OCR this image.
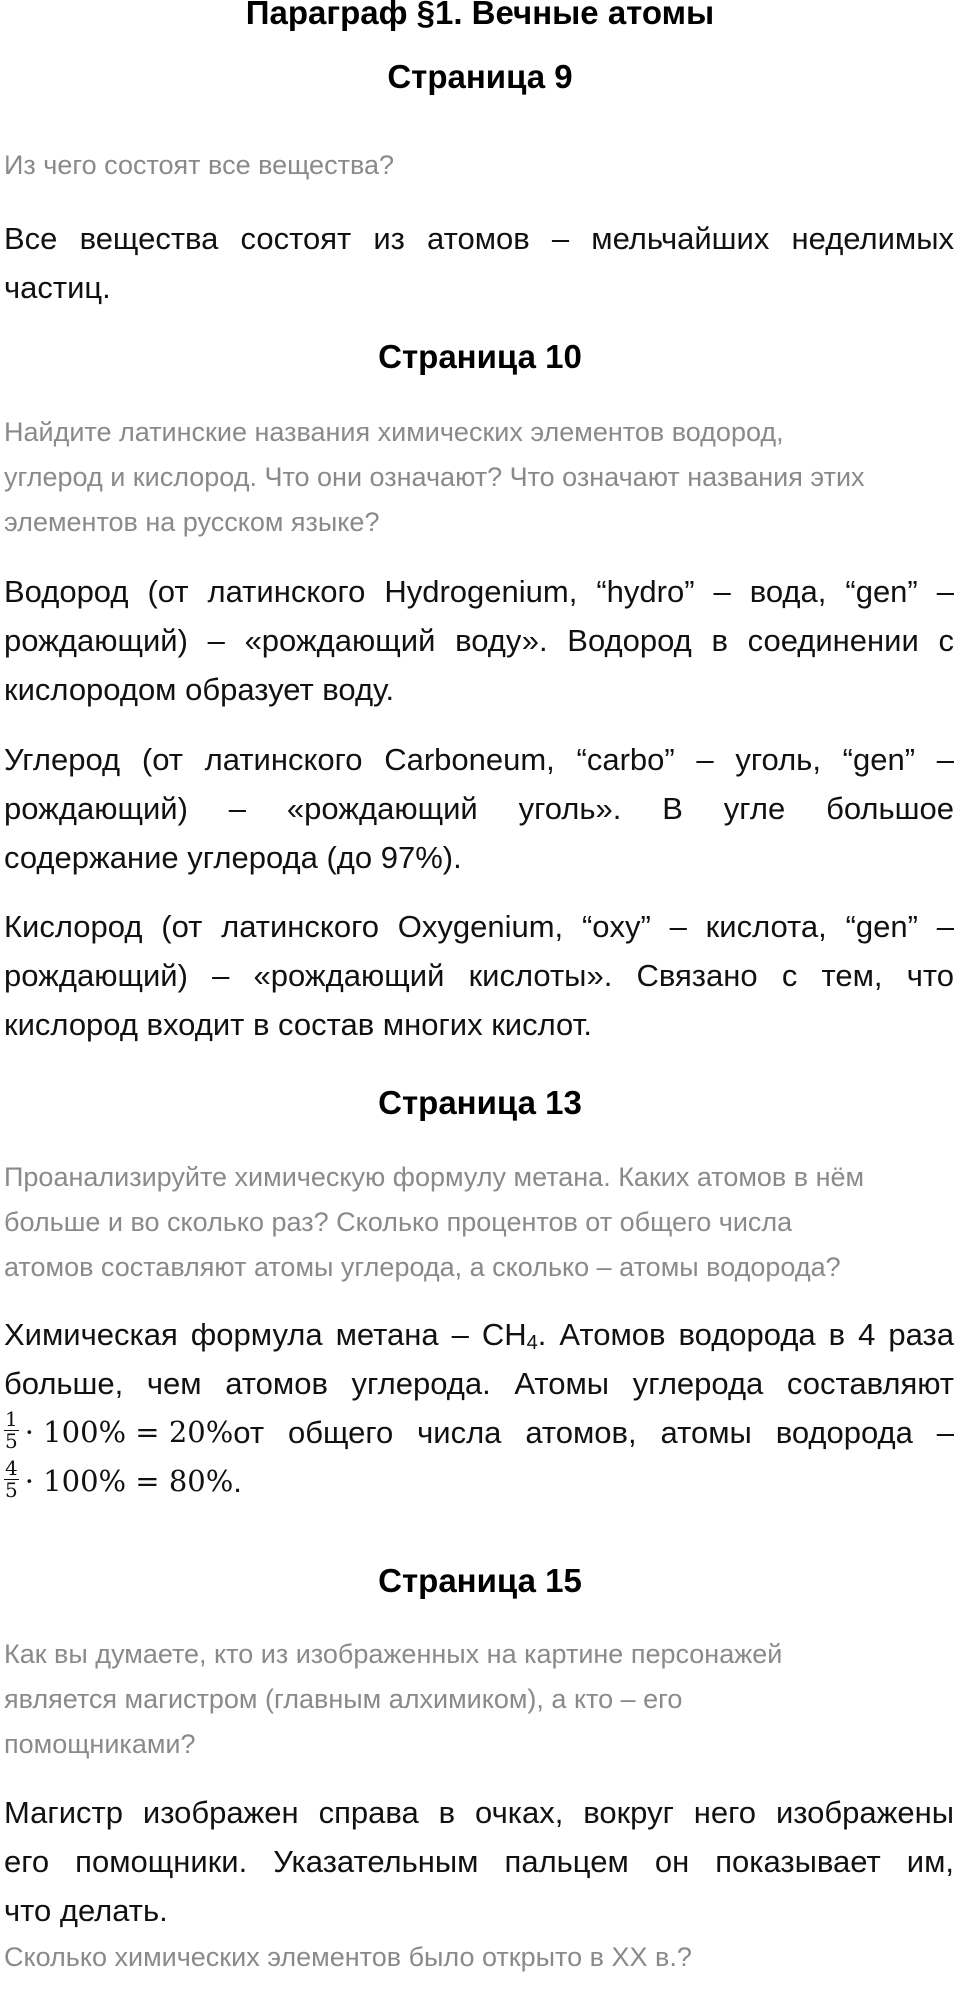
Параграф §1. Вечные атомы
Страница 9
Из чего состоят все вещества?
Все вещества состоят из атомов – мельчайших неделимых
частиц.
Страница 10
Найдите латинские названия химических элементов водород,
углерод и кислород. Что они означают? Что означают названия этих
элементов на русском языке?
Водород (от латинского Hydrogenium, “hydro” – вода, “gen” –
рождающий) – «рождающий воду». Водород в соединении с
кислородом образует воду.
Углерод (от латинского Carboneum, “carbo” – уголь, “gen” –
рождающий) – «рождающий уголь». В угле большое
содержание углерода (до 97%).
Кислород (от латинского Oxygenium, “oxy” – кислота, “gen” –
рождающий) – «рождающий кислоты». Связано с тем, что
кислород входит в состав многих кислот.
Страница 13
Проанализируйте химическую формулу метана. Каких атомов в нём
больше и во сколько раз? Сколько процентов от общего числа
атомов составляют атомы углерода, а сколько – атомы водорода?
Химическая формула метана – $CH_4$. Атомов водорода в 4 раза
больше, чем атомов углерода. Атомы углерода составляют
$\frac{1}{5} \cdot 100\% = 20\%$ от общего числа атомов, атомы водорода –
$\frac{4}{5} \cdot 100\% = 80\%$ .
Страница 15
Как вы думаете, кто из изображенных на картине персонажей
является магистром (главным алхимиком), а кто – его
помощниками?
Магистр изображен справа в очках, вокруг него изображены
его помощники. Указательным пальцем он показывает им,
что делать.
Сколько химических элементов было открыто в XX в.?
